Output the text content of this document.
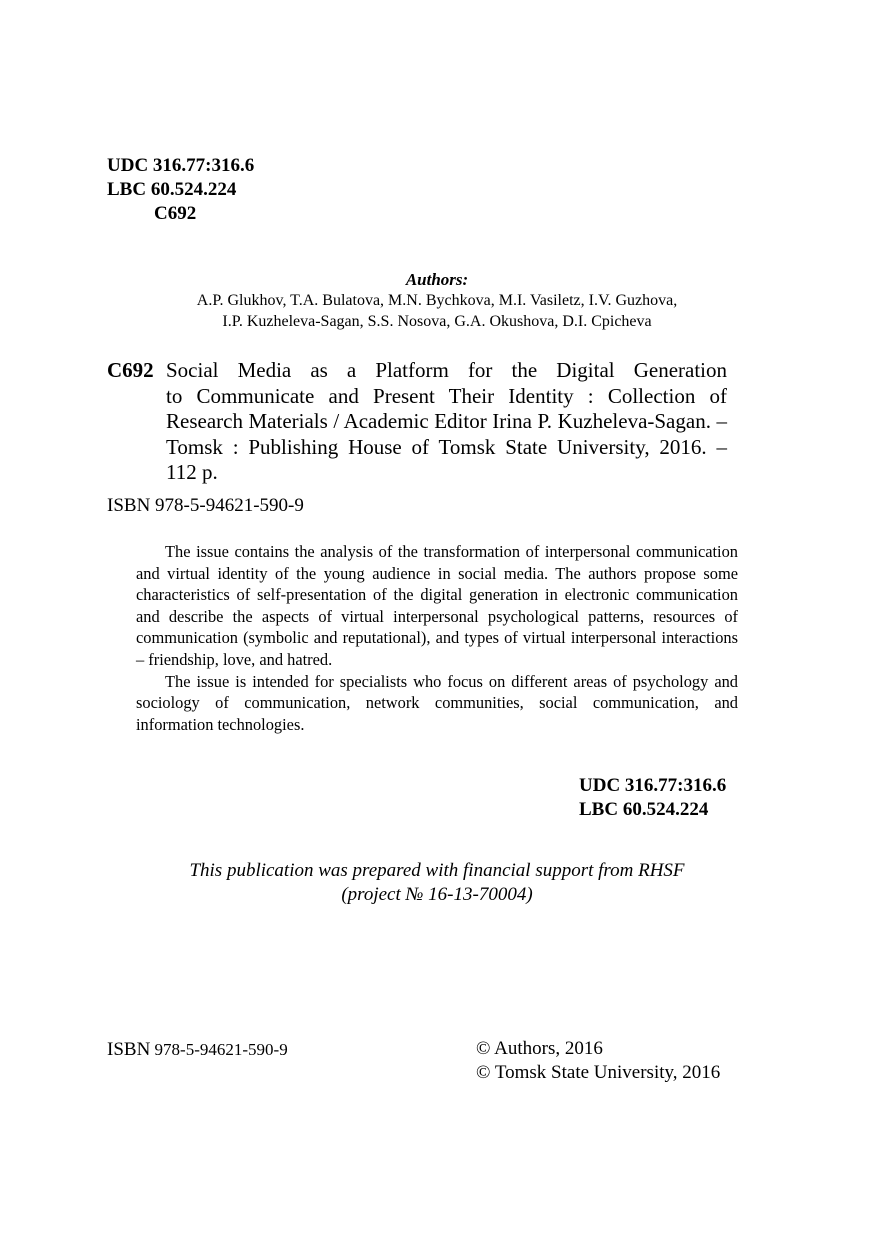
UDC 316.77:316.6
LBC 60.524.224
С692
Authors:
A.P. Glukhov, T.A. Bulatova, M.N. Bychkova, M.I. Vasiletz, I.V. Guzhova,
I.P. Kuzheleva-Sagan, S.S. Nosova, G.A. Okushova, D.I. Cpicheva
С692 Social Media as a Platform for the Digital Generation
to Communicate and Present Their Identity : Collection of
Research Materials / Academic Editor Irina P. Kuzheleva-Sagan. –
Tomsk : Publishing House of Tomsk State University, 2016. –
112 p.
ISBN 978-5-94621-590-9

The issue contains the analysis of the transformation of interpersonal communication and virtual identity of the young audience in social media. The authors propose some characteristics of self-presentation of the digital generation in electronic communication and describe the aspects of virtual interpersonal psychological patterns, resources of communication (symbolic and reputational), and types of virtual interpersonal interactions – friendship, love, and hatred.

The issue is intended for specialists who focus on different areas of psychology and sociology of communication, network communities, social communication, and information technologies.

UDC 316.77:316.6
LBC 60.524.224
This publication was prepared with financial support from RHSF
(project № 16-13-70004)
ISBN 978-5-94621-590-9	© Authors, 2016
© Tomsk State University, 2016
